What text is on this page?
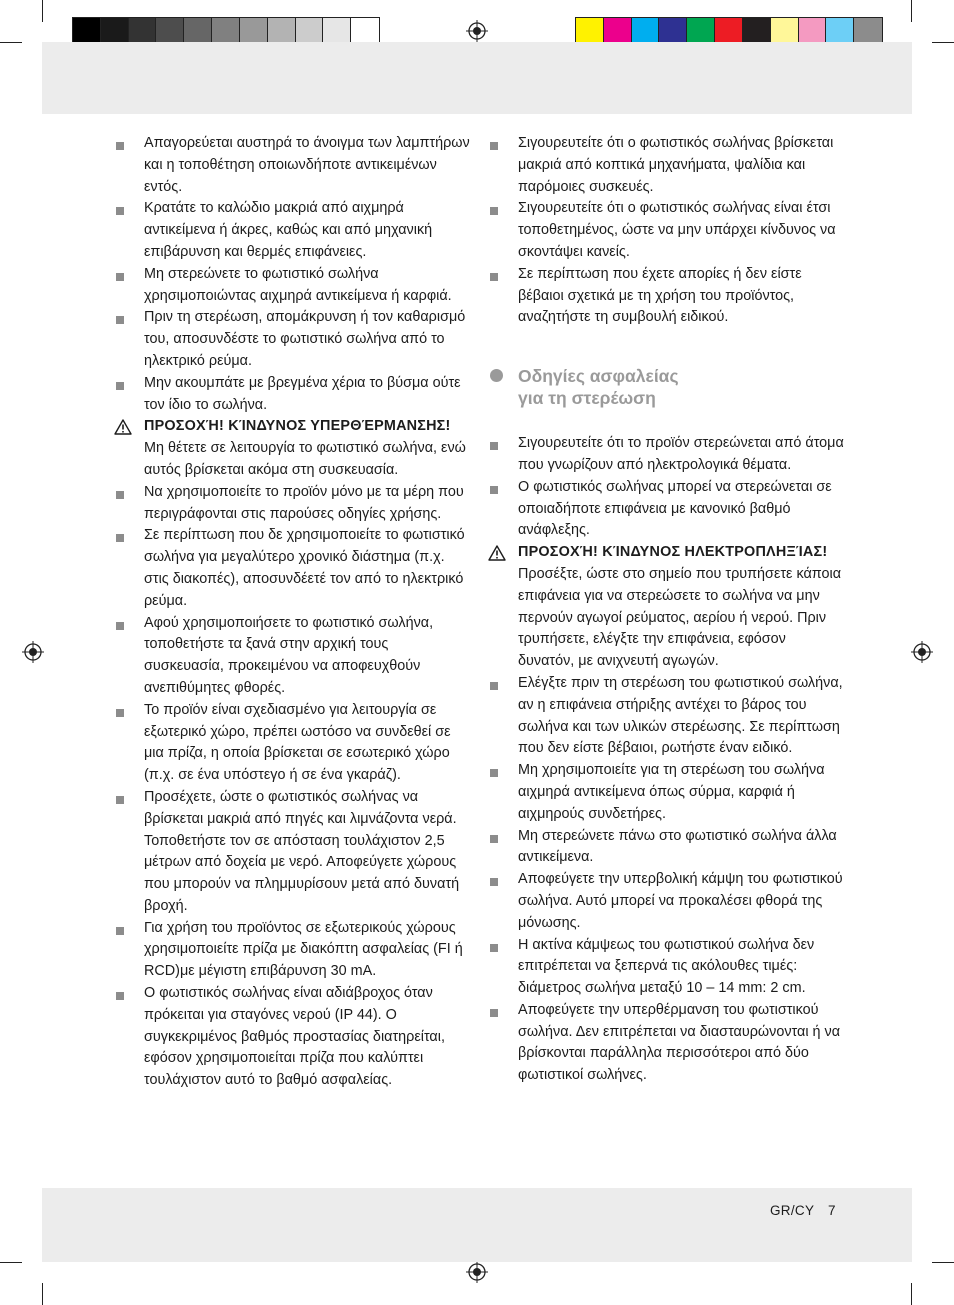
Απαγορεύεται αυστηρά το άνοιγμα των λαμπτήρων και η τοποθέτηση οποιωνδήποτε αντικειμένων εντός.
Κρατάτε το καλώδιο μακριά από αιχμηρά αντικείμενα ή άκρες, καθώς και από μηχανική επιβάρυνση και θερμές επιφάνειες.
Μη στερεώνετε το φωτιστικό σωλήνα χρησιμοποιώντας αιχμηρά αντικείμενα ή καρφιά.
Πριν τη στερέωση, απομάκρυνση ή τον καθαρισμό του, αποσυνδέστε το φωτιστικό σωλήνα από το ηλεκτρικό ρεύμα.
Μην ακουμπάτε με βρεγμένα χέρια το βύσμα ούτε τον ίδιο το σωλήνα.
ΠΡΟΣΟΧΉ! ΚΊΝΔΥΝΟΣ ΥΠΕΡΘΈΡΜΑΝΣΗΣ! Μη θέτετε σε λειτουργία το φωτιστικό σωλήνα, ενώ αυτός βρίσκεται ακόμα στη συσκευασία.
Να χρησιμοποιείτε το προϊόν μόνο με τα μέρη που περιγράφονται στις παρούσες οδηγίες χρήσης.
Σε περίπτωση που δε χρησιμοποιείτε το φωτιστικό σωλήνα για μεγαλύτερο χρονικό διάστημα (π.χ. στις διακοπές), αποσυνδέετέ τον από το ηλεκτρικό ρεύμα.
Αφού χρησιμοποιήσετε το φωτιστικό σωλήνα, τοποθετήστε τα ξανά στην αρχική τους συσκευασία, προκειμένου να αποφευχθούν ανεπιθύμητες φθορές.
Το προϊόν είναι σχεδιασμένο για λειτουργία σε εξωτερικό χώρο, πρέπει ωστόσο να συνδεθεί σε μια πρίζα, η οποία βρίσκεται σε εσωτερικό χώρο (π.χ. σε ένα υπόστεγο ή σε ένα γκαράζ).
Προσέχετε, ώστε ο φωτιστικός σωλήνας να βρίσκεται μακριά από πηγές και λιμνάζοντα νερά. Τοποθετήστε τον σε απόσταση τουλάχιστον 2,5 μέτρων από δοχεία με νερό. Αποφεύγετε χώρους που μπορούν να πλημμυρίσουν μετά από δυνατή βροχή.
Για χρήση του προϊόντος σε εξωτερικούς χώρους χρησιμοποιείτε πρίζα με διακόπτη ασφαλείας (FI ή RCD)με μέγιστη επιβάρυνση 30 mA.
Ο φωτιστικός σωλήνας είναι αδιάβροχος όταν πρόκειται για σταγόνες νερού (IP 44). Ο συγκεκριμένος βαθμός προστασίας διατηρείται, εφόσον χρησιμοποιείται πρίζα που καλύπτει τουλάχιστον αυτό το βαθμό ασφαλείας.
Σιγουρευτείτε ότι ο φωτιστικός σωλήνας βρίσκεται μακριά από κοπτικά μηχανήματα, ψαλίδια και παρόμοιες συσκευές.
Σιγουρευτείτε ότι ο φωτιστικός σωλήνας είναι έτσι τοποθετημένος, ώστε να μην υπάρχει κίνδυνος να σκοντάψει κανείς.
Σε περίπτωση που έχετε απορίες ή δεν είστε βέβαιοι σχετικά με τη χρήση του προϊόντος, αναζητήστε τη συμβουλή ειδικού.
Οδηγίες ασφαλείας
για τη στερέωση
Σιγουρευτείτε ότι το προϊόν στερεώνεται από άτομα που γνωρίζουν από ηλεκτρολογικά θέματα.
Ο φωτιστικός σωλήνας μπορεί να στερεώνεται σε οποιαδήποτε επιφάνεια με κανονικό βαθμό ανάφλεξης.
ΠΡΟΣΟΧΉ! ΚΊΝΔΥΝΟΣ ΗΛΕΚΤΡΟΠΛΗΞΊΑΣ! Προσέξτε, ώστε στο σημείο που τρυπήσετε κάποια επιφάνεια για να στερεώσετε το σωλήνα να μην περνούν αγωγοί ρεύματος, αερίου ή νερού. Πριν τρυπήσετε, ελέγξτε την επιφάνεια, εφόσον δυνατόν, με ανιχνευτή αγωγών.
Ελέγξτε πριν τη στερέωση του φωτιστικού σωλήνα, αν η επιφάνεια στήριξης αντέχει το βάρος του σωλήνα και των υλικών στερέωσης. Σε περίπτωση που δεν είστε βέβαιοι, ρωτήστε έναν ειδικό.
Μη χρησιμοποιείτε για τη στερέωση του σωλήνα αιχμηρά αντικείμενα όπως σύρμα, καρφιά ή αιχμηρούς συνδετήρες.
Μη στερεώνετε πάνω στο φωτιστικό σωλήνα άλλα αντικείμενα.
Αποφεύγετε την υπερβολική κάμψη του φωτιστικού σωλήνα. Αυτό μπορεί να προκαλέσει φθορά της μόνωσης.
Η ακτίνα κάμψεως του φωτιστικού σωλήνα δεν επιτρέπεται να ξεπερνά τις ακόλουθες τιμές: διάμετρος σωλήνα μεταξύ 10 – 14 mm: 2 cm.
Αποφεύγετε την υπερθέρμανση του φωτιστικού σωλήνα. Δεν επιτρέπεται να διασταυρώνονται ή να βρίσκονται παράλληλα περισσότεροι από δύο φωτιστικοί σωλήνες.
GR/CY 7
